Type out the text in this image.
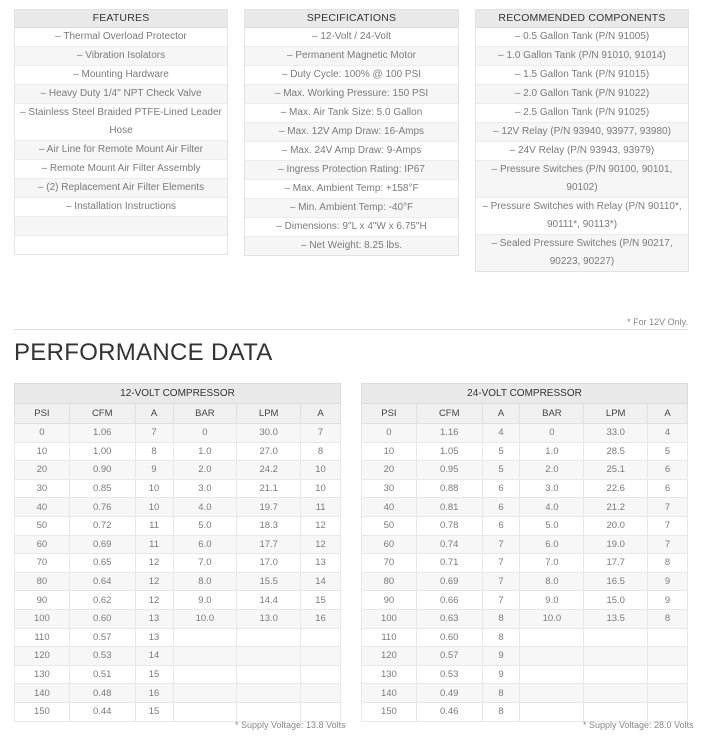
FEATURES
– Thermal Overload Protector
– Vibration Isolators
– Mounting Hardware
– Heavy Duty 1/4" NPT Check Valve
– Stainless Steel Braided PTFE-Lined Leader Hose
– Air Line for Remote Mount Air Filter
– Remote Mount Air Filter Assembly
– (2) Replacement Air Filter Elements
– Installation Instructions

SPECIFICATIONS
– 12-Volt / 24-Volt
– Permanent Magnetic Motor
– Duty Cycle: 100% @ 100 PSI
– Max. Working Pressure: 150 PSI
– Max. Air Tank Size: 5.0 Gallon
– Max. 12V Amp Draw: 16-Amps
– Max. 24V Amp Draw: 9-Amps
– Ingress Protection Rating: IP67
– Max. Ambient Temp: +158°F
– Min. Ambient Temp: -40°F
– Dimensions: 9"L x 4"W x 6.75"H
– Net Weight: 8.25 lbs.
RECOMMENDED COMPONENTS
– 0.5 Gallon Tank (P/N 91005)
– 1.0 Gallon Tank (P/N 91010, 91014)
– 1.5 Gallon Tank (P/N 91015)
– 2.0 Gallon Tank (P/N 91022)
– 2.5 Gallon Tank (P/N 91025)
– 12V Relay (P/N 93940, 93977, 93980)
– 24V Relay (P/N 93943, 93979)
– Pressure Switches (P/N 90100, 90101, 90102)
– Pressure Switches with Relay (P/N 90110*, 90111*, 90113*)
– Sealed Pressure Switches (P/N 90217, 90223, 90227)
* For 12V Only.
PERFORMANCE DATA
12-VOLT COMPRESSOR					
PSI	CFM	A	BAR	LPM	A
0	1.06	7	0	30.0	7
10	1.00	8	1.0	27.0	8
20	0.90	9	2.0	24.2	10
30	0.85	10	3.0	21.1	10
40	0.76	10	4.0	19.7	11
50	0.72	11	5.0	18.3	12
60	0.69	11	6.0	17.7	12
70	0.65	12	7.0	17.0	13
80	0.64	12	8.0	15.5	14
90	0.62	12	9.0	14.4	15
100	0.60	13	10.0	13.0	16
110	0.57	13			
120	0.53	14			
130	0.51	15			
140	0.48	16			
150	0.44	15			
24-VOLT COMPRESSOR					
PSI	CFM	A	BAR	LPM	A
0	1.16	4	0	33.0	4
10	1.05	5	1.0	28.5	5
20	0.95	5	2.0	25.1	6
30	0.88	6	3.0	22.6	6
40	0.81	6	4.0	21.2	7
50	0.78	6	5.0	20.0	7
60	0.74	7	6.0	19.0	7
70	0.71	7	7.0	17.7	8
80	0.69	7	8.0	16.5	9
90	0.66	7	9.0	15.0	9
100	0.63	8	10.0	13.5	8
110	0.60	8			
120	0.57	9			
130	0.53	9			
140	0.49	8			
150	0.46	8			
* Supply Voltage: 13.8 Volts	* Supply Voltage: 28.0 Volts
